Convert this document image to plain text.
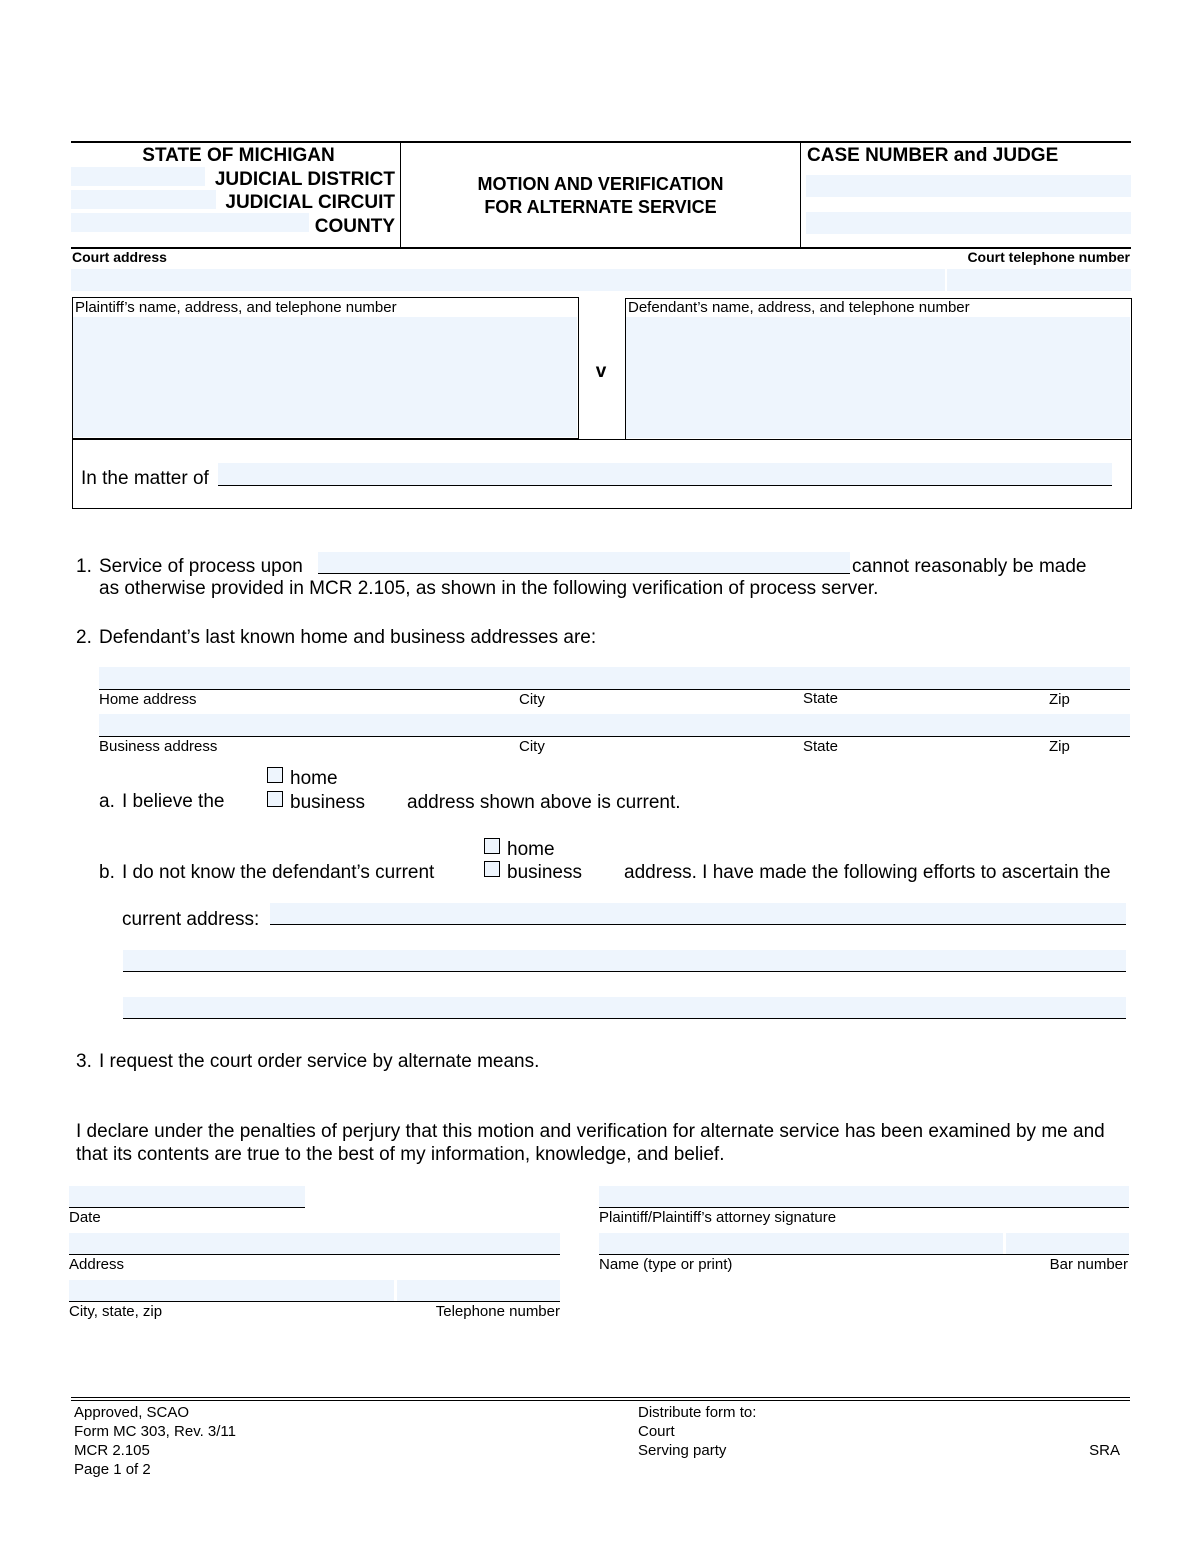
STATE OF MICHIGAN
JUDICIAL DISTRICT
JUDICIAL CIRCUIT
COUNTY
MOTION AND VERIFICATION
FOR ALTERNATE SERVICE
CASE NUMBER and JUDGE
Court address	Court telephone number
Plaintiff’s name, address, and telephone number
v
Defendant’s name, address, and telephone number
In the matter of
1. Service of process upon	cannot reasonably be made
as otherwise provided in MCR 2.105, as shown in the following verification of process server.
2. Defendant’s last known home and business addresses are:
Home address	City	State	Zip
Business address	City	State	Zip
a. I believe the
home
business address shown above is current.
b. I do not know the defendant’s current
home
business address. I have made the following efforts to ascertain the
current address:
3. I request the court order service by alternate means.
I declare under the penalties of perjury that this motion and verification for alternate service has been examined by me and
that its contents are true to the best of my information, knowledge, and belief.
Date	Plaintiff/Plaintiff’s attorney signature
Address	Name (type or print)	Bar number
City, state, zip	Telephone number
Approved, SCAO
Form MC 303, Rev. 3/11
MCR 2.105
Page 1 of 2
Distribute form to:
Court
Serving party	SRA
